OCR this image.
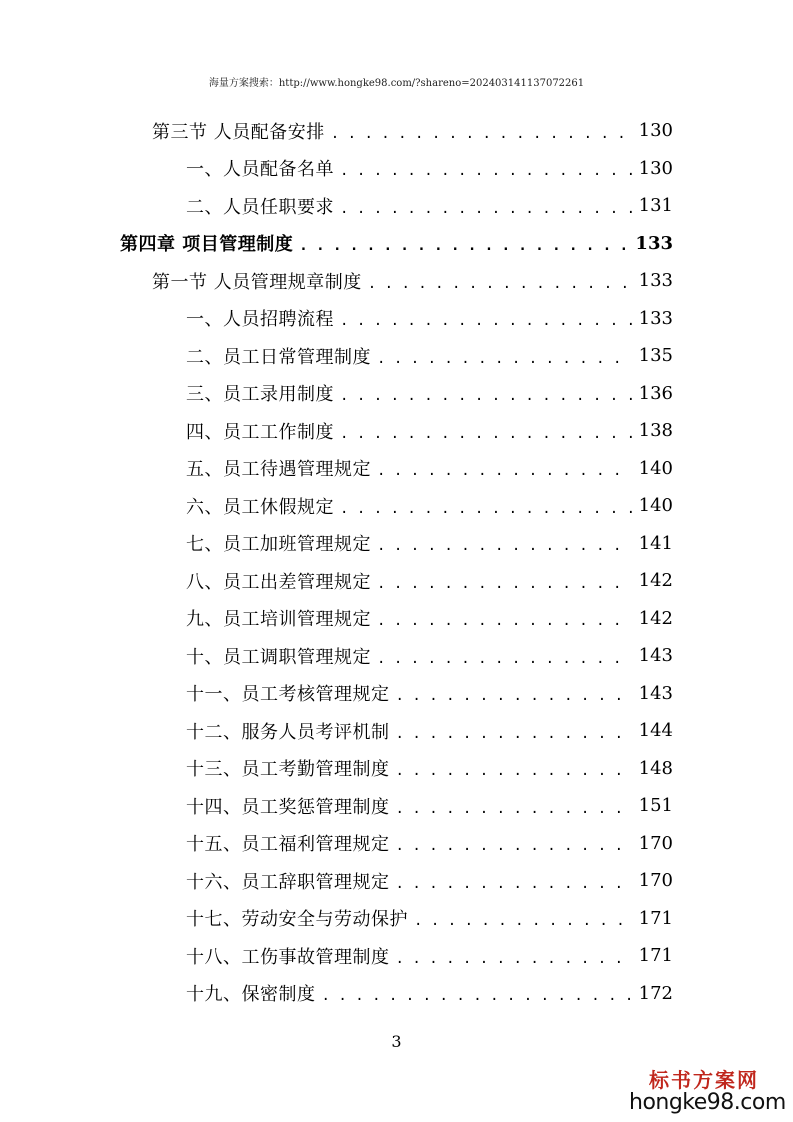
海量方案搜索：http://www.hongke98.com/?shareno=202403141137072261
第三节 人员配备安排 . . .	130
一、人员配备名单 . . .	130
二、人员任职要求 . . .	131
第四章 项目管理制度 . . .	133
第一节 人员管理规章制度 . . .	133
一、人员招聘流程 . . .	133
二、员工日常管理制度 . . .	135
三、员工录用制度 . . .	136
四、员工工作制度 . . .	138
五、员工待遇管理规定 . . .	140
六、员工休假规定 . . .	140
七、员工加班管理规定 . . .	141
八、员工出差管理规定 . . .	142
九、员工培训管理规定 . . .	142
十、员工调职管理规定 . . .	143
十一、员工考核管理规定 . . .	143
十二、服务人员考评机制 . . .	144
十三、员工考勤管理制度 . . .	148
十四、员工奖惩管理制度 . . .	151
十五、员工福利管理规定 . . .	170
十六、员工辞职管理规定 . . .	170
十七、劳动安全与劳动保护 . . .	171
十八、工伤事故管理制度 . . .	171
十九、保密制度 . . .	172
3
标书方案网
hongke98.com
